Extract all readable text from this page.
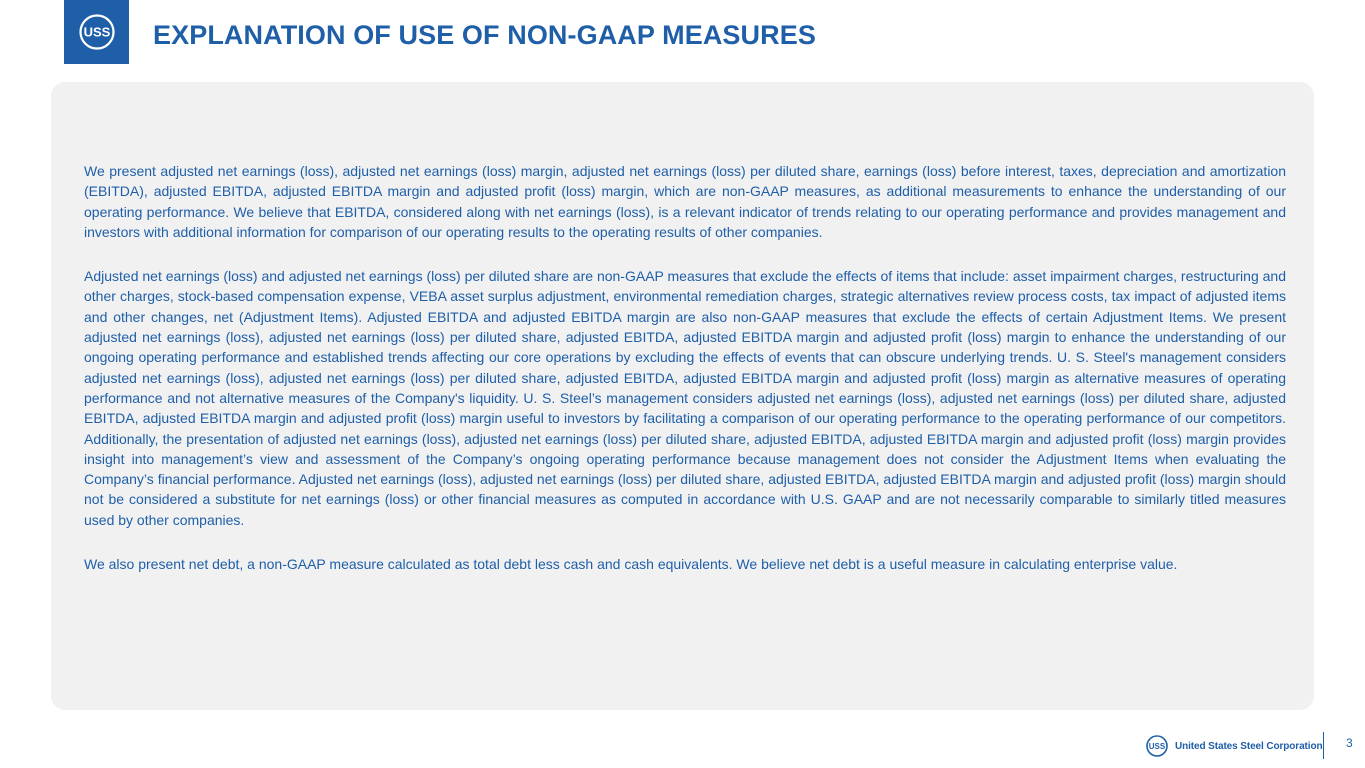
USS EXPLANATION OF USE OF NON-GAAP MEASURES

We present adjusted net earnings (loss), adjusted net earnings (loss) margin, adjusted net earnings (loss) per diluted share, earnings (loss) before interest, taxes, depreciation and amortization (EBITDA), adjusted EBITDA, adjusted EBITDA margin and adjusted profit (loss) margin, which are non-GAAP measures, as additional measurements to enhance the understanding of our operating performance. We believe that EBITDA, considered along with net earnings (loss), is a relevant indicator of trends relating to our operating performance and provides management and investors with additional information for comparison of our operating results to the operating results of other companies.

Adjusted net earnings (loss) and adjusted net earnings (loss) per diluted share are non-GAAP measures that exclude the effects of items that include: asset impairment charges, restructuring and other charges, stock-based compensation expense, VEBA asset surplus adjustment, environmental remediation charges, strategic alternatives review process costs, tax impact of adjusted items and other changes, net (Adjustment Items). Adjusted EBITDA and adjusted EBITDA margin are also non-GAAP measures that exclude the effects of certain Adjustment Items. We present adjusted net earnings (loss), adjusted net earnings (loss) per diluted share, adjusted EBITDA, adjusted EBITDA margin and adjusted profit (loss) margin to enhance the understanding of our ongoing operating performance and established trends affecting our core operations by excluding the effects of events that can obscure underlying trends. U. S. Steel's management considers adjusted net earnings (loss), adjusted net earnings (loss) per diluted share, adjusted EBITDA, adjusted EBITDA margin and adjusted profit (loss) margin as alternative measures of operating performance and not alternative measures of the Company's liquidity. U. S. Steel’s management considers adjusted net earnings (loss), adjusted net earnings (loss) per diluted share, adjusted EBITDA, adjusted EBITDA margin and adjusted profit (loss) margin useful to investors by facilitating a comparison of our operating performance to the operating performance of our competitors. Additionally, the presentation of adjusted net earnings (loss), adjusted net earnings (loss) per diluted share, adjusted EBITDA, adjusted EBITDA margin and adjusted profit (loss) margin provides insight into management’s view and assessment of the Company’s ongoing operating performance because management does not consider the Adjustment Items when evaluating the Company’s financial performance. Adjusted net earnings (loss), adjusted net earnings (loss) per diluted share, adjusted EBITDA, adjusted EBITDA margin and adjusted profit (loss) margin should not be considered a substitute for net earnings (loss) or other financial measures as computed in accordance with U.S. GAAP and are not necessarily comparable to similarly titled measures used by other companies.

We also present net debt, a non-GAAP measure calculated as total debt less cash and cash equivalents. We believe net debt is a useful measure in calculating enterprise value.

USS United States Steel Corporation 3
